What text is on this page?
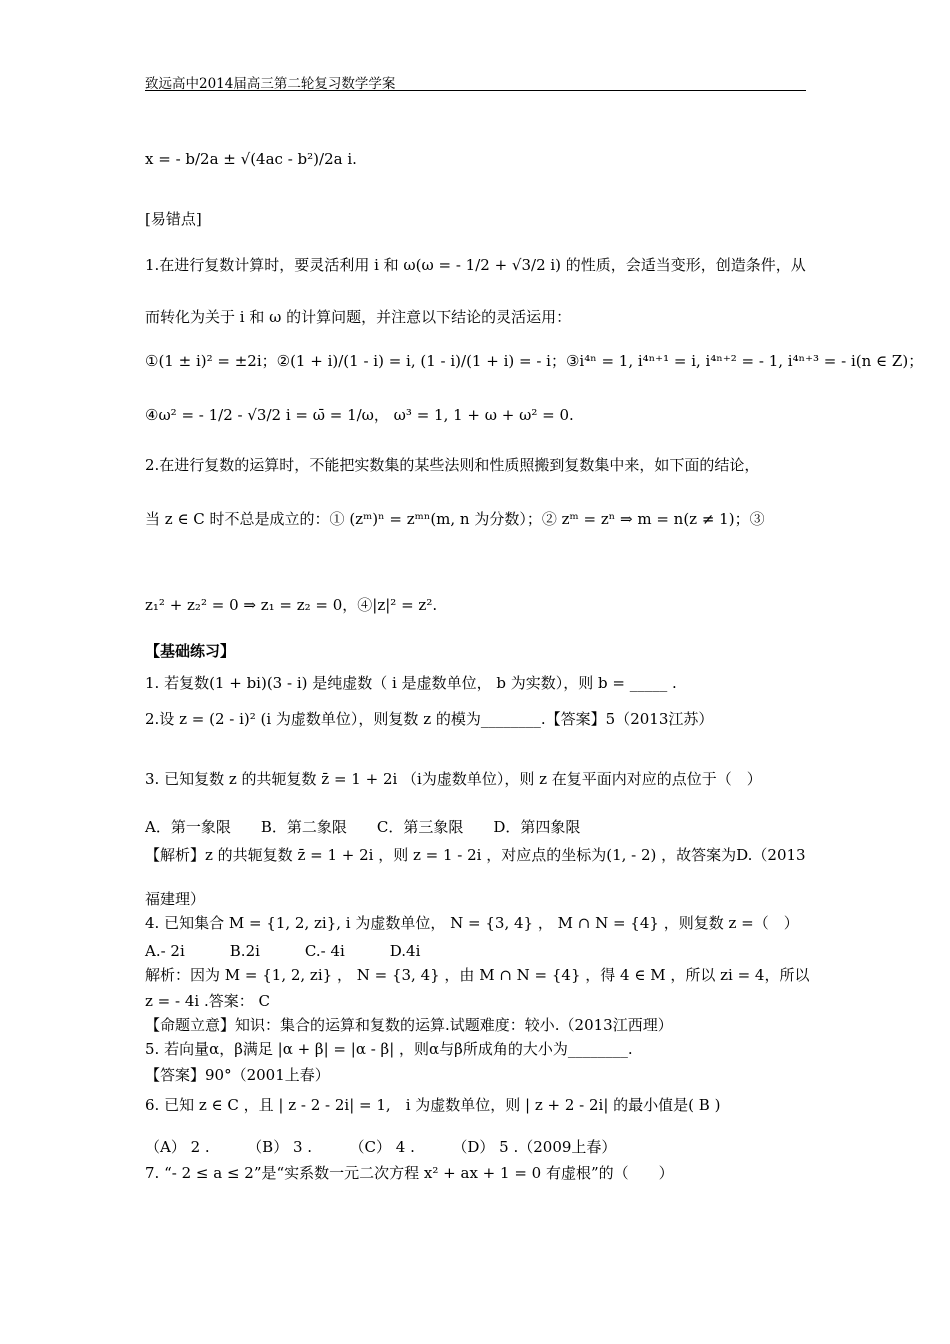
致远高中2014届高三第二轮复习数学学案
x = - b/2a ± √(4ac - b²)/2a i.
[易错点]
1.在进行复数计算时，要灵活利用 i 和 ω(ω = - 1/2 + √3/2 i) 的性质，会适当变形，创造条件，从
而转化为关于 i 和 ω 的计算问题，并注意以下结论的灵活运用：
①(1 ± i)² = ±2i；②(1 + i)/(1 - i) = i, (1 - i)/(1 + i) = - i；③i⁴ⁿ = 1, i⁴ⁿ⁺¹ = i, i⁴ⁿ⁺² = - 1, i⁴ⁿ⁺³ = - i(n ∈ Z)；
④ω² = - 1/2 - √3/2 i = ω̄ = 1/ω， ω³ = 1, 1 + ω + ω² = 0.
2.在进行复数的运算时，不能把实数集的某些法则和性质照搬到复数集中来，如下面的结论，
当 z ∈ C 时不总是成立的：① (zᵐ)ⁿ = zᵐⁿ(m, n 为分数）；② zᵐ = zⁿ ⇒ m = n(z ≠ 1)；③
z₁² + z₂² = 0 ⇒ z₁ = z₂ = 0，④|z|² = z².
【基础练习】
1. 若复数(1 + bi)(3 - i) 是纯虚数（ i 是虚数单位， b 为实数），则 b = _____ .
2.设 z = (2 - i)² (i 为虚数单位），则复数 z 的模为________.【答案】5（2013江苏）
3. 已知复数 z 的共轭复数 z̄ = 1 + 2i （i为虚数单位），则 z 在复平面内对应的点位于（　）
A．第一象限　　B．第二象限　　C．第三象限　　D．第四象限
【解析】z 的共轭复数 z̄ = 1 + 2i ，则 z = 1 - 2i ，对应点的坐标为(1, - 2) ，故答案为D.（2013
福建理）
4. 已知集合 M = {1, 2, zi}, i 为虚数单位， N = {3, 4} ， M ∩ N = {4} ，则复数 z =（　）
A.- 2i　　　B.2i　　　C.- 4i　　　D.4i
解析：因为 M = {1, 2, zi} ， N = {3, 4} ，由 M ∩ N = {4} ，得 4 ∈ M ，所以 zi = 4，所以
z = - 4i .答案： C
【命题立意】知识：集合的运算和复数的运算.试题难度：较小.（2013江西理）
5. 若向量α，β满足 |α + β| = |α - β| ，则α与β所成角的大小为________.
【答案】90°（2001上春）
6. 已知 z ∈ C ，且 | z - 2 - 2i| = 1,　i 为虚数单位，则 | z + 2 - 2i| 的最小值是( B )
（A） 2 .　　　（B） 3 .　　　（C） 4 .　　　（D） 5 .（2009上春）
7. “- 2 ≤ a ≤ 2”是“实系数一元二次方程 x² + ax + 1 = 0 有虚根”的（　　）
